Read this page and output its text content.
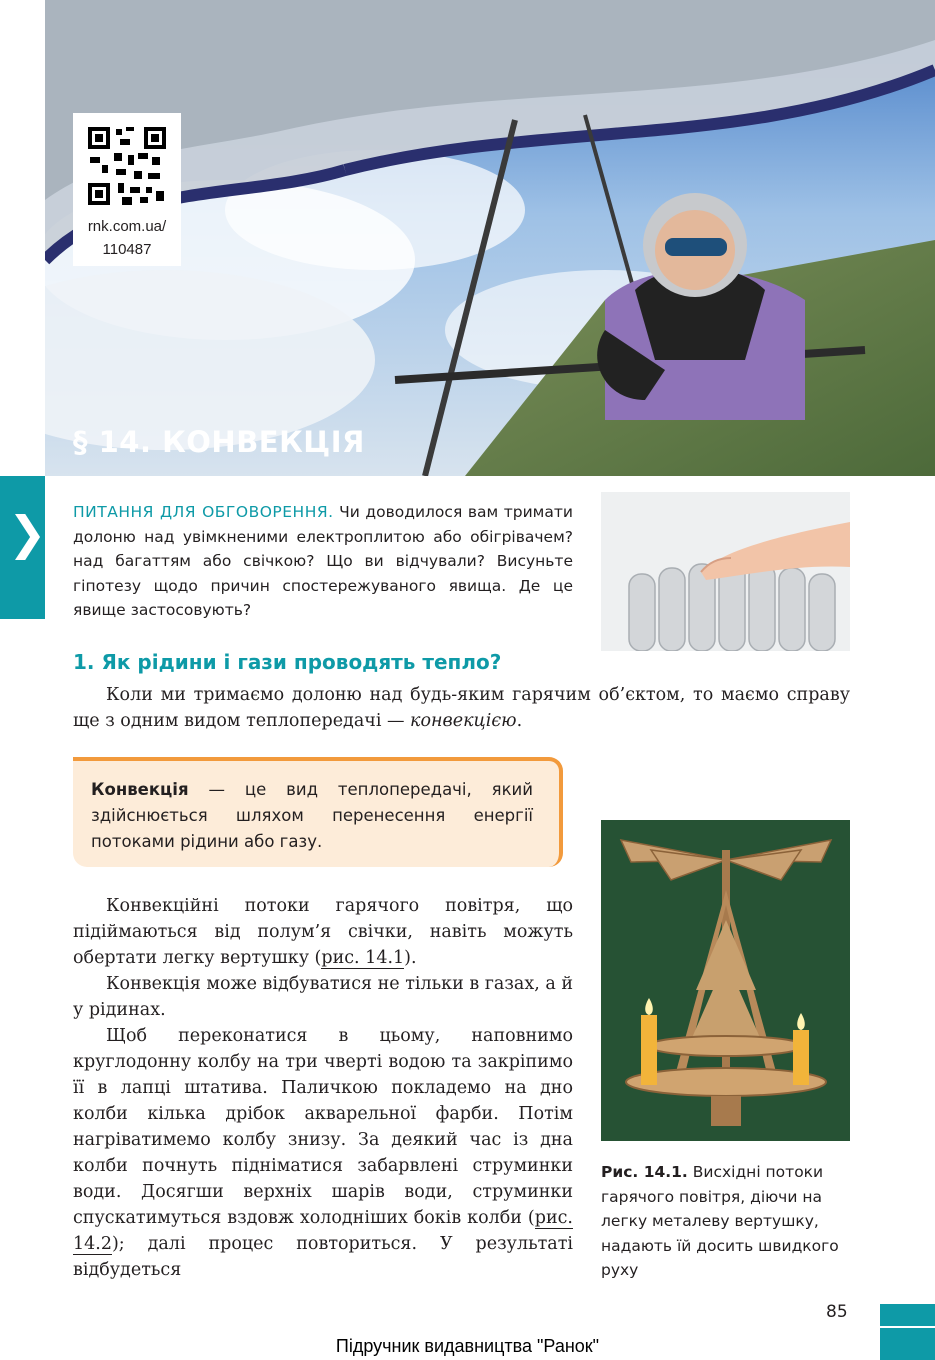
rnk.com.ua/
110487
§ 14. КОНВЕКЦІЯ
❯ ПИТАННЯ ДЛЯ ОБГОВОРЕННЯ. Чи доводилося вам тримати долоню над увімкненими електроплитою або обігрівачем? над багаттям або свічкою? Що ви відчували? Висуньте гіпотезу щодо причин спостережуваного явища. Де це явище застосовують?
1. Як рідини і гази проводять тепло?
Коли ми тримаємо долоню над будь-яким гарячим об’єктом, то маємо справу ще з одним видом теплопередачі — конвекцією.
Конвекція — це вид теплопередачі, який здійснюється шляхом перенесення енергії потоками рідини або газу.

Конвекційні потоки гарячого повітря, що підіймаються від полум’я свічки, навіть можуть обертати легку вертушку (рис. 14.1).

Конвекція може відбуватися не тільки в газах, а й у рідинах.

Щоб переконатися в цьому, наповнимо круглодонну колбу на три чверті водою та закріпимо її в лапці штатива. Паличкою покладемо на дно колби кілька дрібок акварельної фарби. Потім нагріватимемо колбу знизу. За деякий час із дна колби почнуть підніматися забарвлені струминки води. Досягши верхніх шарів води, струминки спускатимуться вздовж холодніших боків колби (рис. 14.2); далі процес повториться. У результаті відбудеться

Рис. 14.1. Висхідні потоки гарячого повітря, діючи на легку металеву вертушку, надають їй досить швидкого руху
85
Підручник видавництва "Ранок"
